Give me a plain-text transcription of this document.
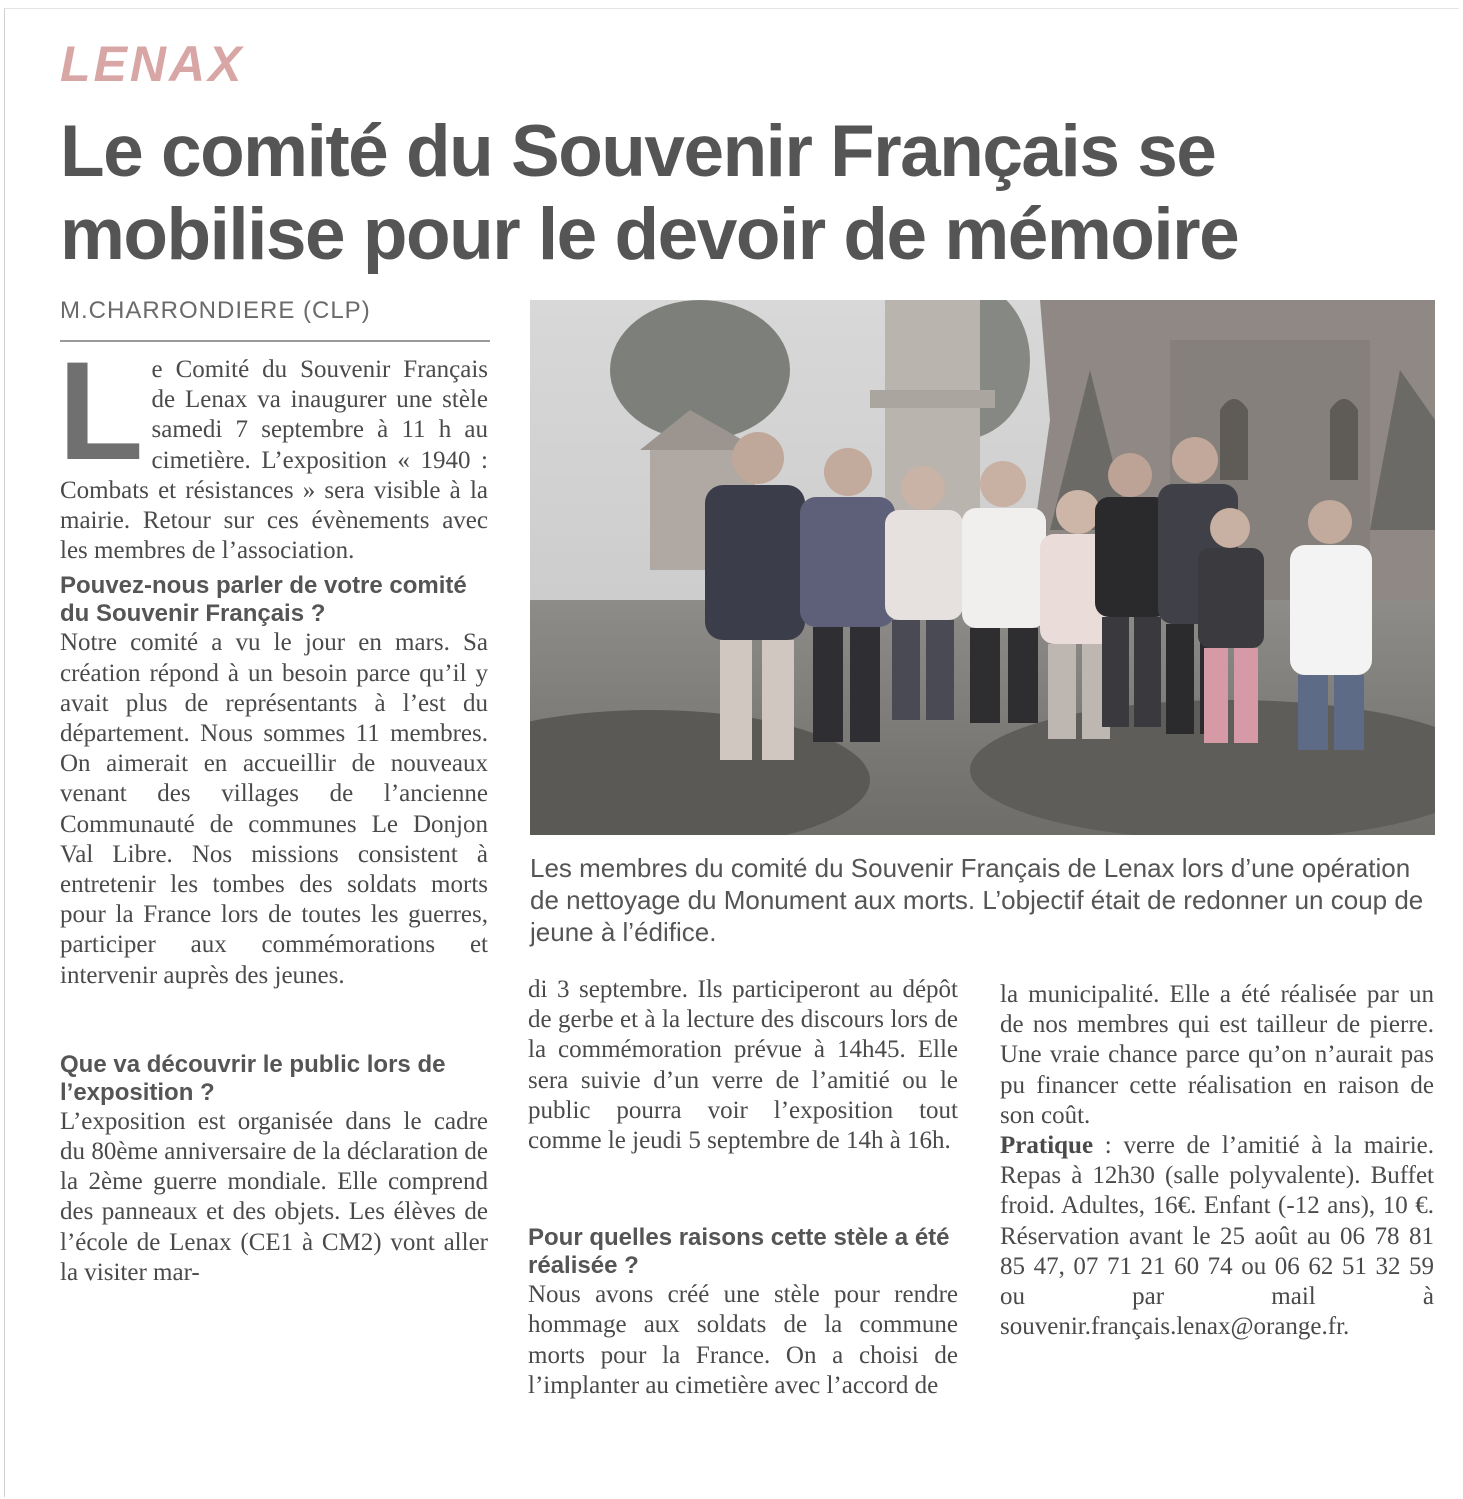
LENAX
Le comité du Souvenir Français se mobilise pour le devoir de mémoire
M.CHARRONDIERE (CLP)

Le Comité du Souvenir Français de Lenax va inaugurer une stèle samedi 7 septembre à 11 h au cimetière. L’exposition « 1940 : Combats et résistances » sera visible à la mairie. Retour sur ces évènements avec les membres de l’association.

Pouvez-nous parler de votre comité du Souvenir Français ?

Notre comité a vu le jour en mars. Sa création répond à un besoin parce qu’il y avait plus de représentants à l’est du département. Nous sommes 11 membres. On aimerait en accueillir de nouveaux venant des villages de l’ancienne Communauté de communes Le Donjon Val Libre. Nos missions consistent à entretenir les tombes des soldats morts pour la France lors de toutes les guerres, participer aux commémorations et intervenir auprès des jeunes.

Que va découvrir le public lors de l’exposition ?

L’exposition est organisée dans le cadre du 80ème anniversaire de la déclaration de la 2ème guerre mondiale. Elle comprend des panneaux et des objets. Les élèves de l’école de Lenax (CE1 à CM2) vont aller la visiter mar-

Les membres du comité du Souvenir Français de Lenax lors d’une opération de nettoyage du Monument aux morts. L’objectif était de redonner un coup de jeune à l’édifice.

di 3 septembre. Ils participeront au dépôt de gerbe et à la lecture des discours lors de la commémoration prévue à 14h45. Elle sera suivie d’un verre de l’amitié ou le public pourra voir l’exposition tout comme le jeudi 5 septembre de 14h à 16h.

Pour quelles raisons cette stèle a été réalisée ?

Nous avons créé une stèle pour rendre hommage aux soldats de la commune morts pour la France. On a choisi de l’implanter au cimetière avec l’accord de

la municipalité. Elle a été réalisée par un de nos membres qui est tailleur de pierre. Une vraie chance parce qu’on n’aurait pas pu financer cette réalisation en raison de son coût.

Pratique : verre de l’amitié à la mairie. Repas à 12h30 (salle polyvalente). Buffet froid. Adultes, 16€. Enfant (-12 ans), 10 €. Réservation avant le 25 août au 06 78 81 85 47, 07 71 21 60 74 ou 06 62 51 32 59 ou par mail à souvenir.français.lenax@orange.fr.
